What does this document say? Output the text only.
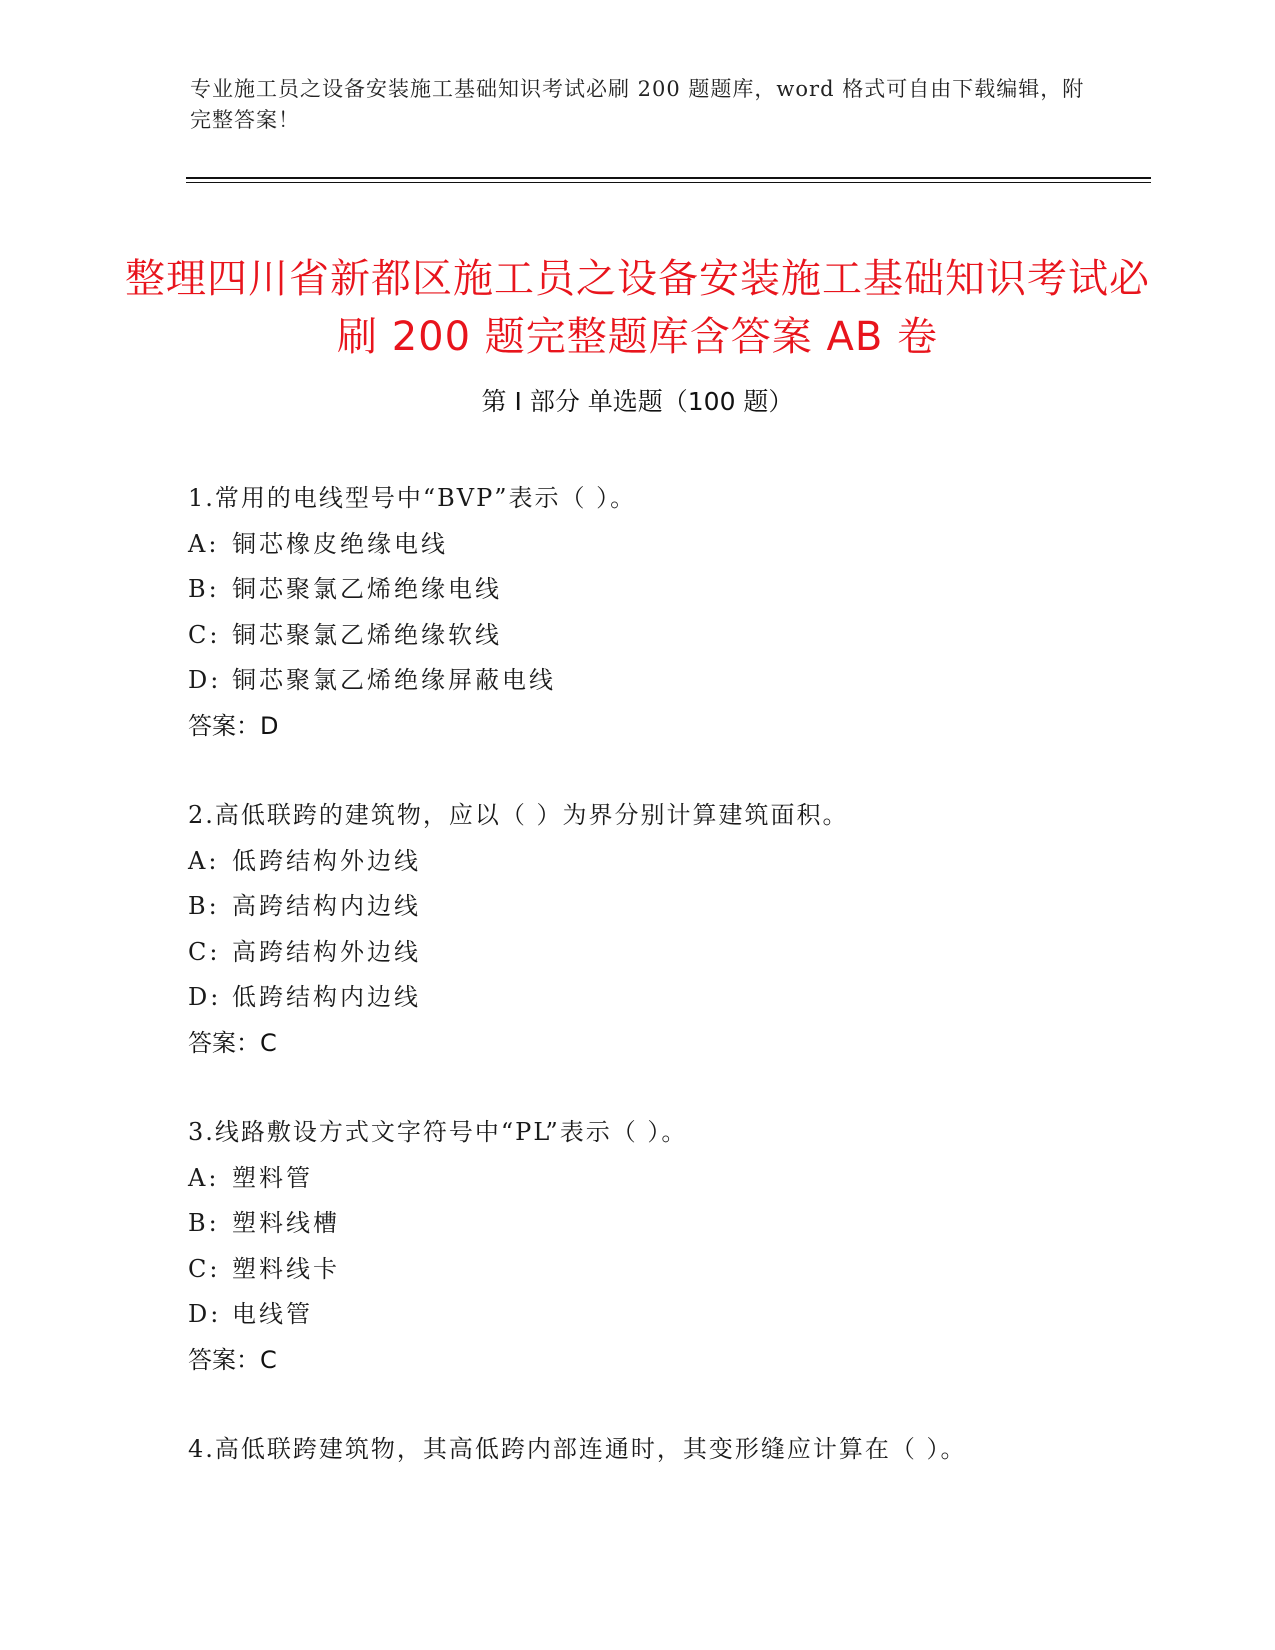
专业施工员之设备安装施工基础知识考试必刷 200 题题库，word 格式可自由下载编辑，附完整答案！
整理四川省新都区施工员之设备安装施工基础知识考试必刷 200 题完整题库含答案 AB 卷
第 I 部分 单选题（100 题）
1.常用的电线型号中“BVP”表示（ ）。
A: 铜芯橡皮绝缘电线
B: 铜芯聚氯乙烯绝缘电线
C: 铜芯聚氯乙烯绝缘软线
D: 铜芯聚氯乙烯绝缘屏蔽电线
答案：D
2.高低联跨的建筑物，应以（ ）为界分别计算建筑面积。
A: 低跨结构外边线
B: 高跨结构内边线
C: 高跨结构外边线
D: 低跨结构内边线
答案：C
3.线路敷设方式文字符号中“PL”表示（ ）。
A: 塑料管
B: 塑料线槽
C: 塑料线卡
D: 电线管
答案：C
4.高低联跨建筑物，其高低跨内部连通时，其变形缝应计算在（ ）。
